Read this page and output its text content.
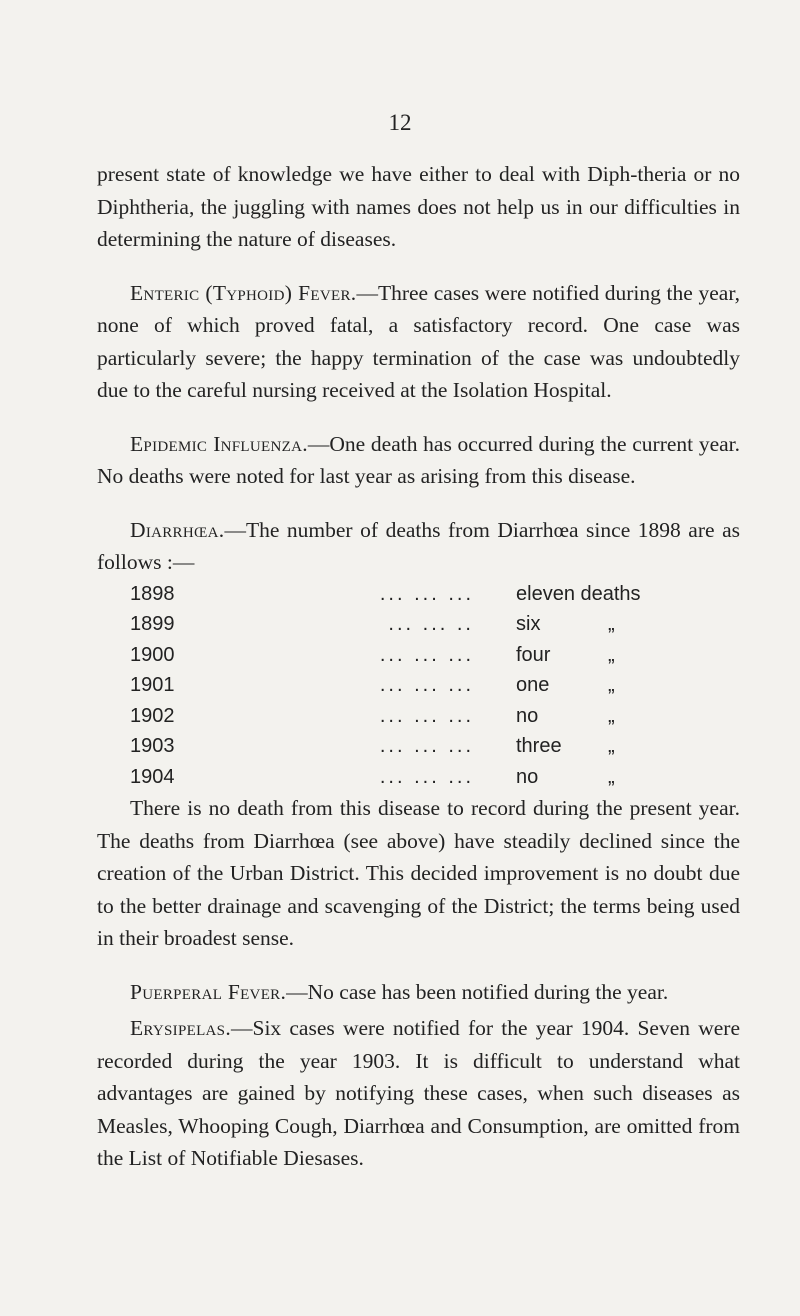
12

present state of knowledge we have either to deal with Diph-theria or no Diphtheria, the juggling with names does not help us in our difficulties in determining the nature of diseases.

Enteric (Typhoid) Fever.—Three cases were notified during the year, none of which proved fatal, a satisfactory record. One case was particularly severe; the happy termination of the case was undoubtedly due to the careful nursing received at the Isolation Hospital.

Epidemic Influenza.—One death has occurred during the current year. No deaths were noted for last year as arising from this disease.

Diarrhœa.—The number of deaths from Diarrhœa since 1898 are as follows :—

1898	... ... ...	eleven deaths
1899	... ... ..	six	„
1900	... ... ...	four	„
1901	... ... ...	one	„
1902	... ... ...	no	„
1903	... ... ...	three	„
1904	... ... ...	no	„

There is no death from this disease to record during the present year. The deaths from Diarrhœa (see above) have steadily declined since the creation of the Urban District. This decided improvement is no doubt due to the better drainage and scavenging of the District; the terms being used in their broadest sense.

Puerperal Fever.—No case has been notified during the year.

Erysipelas.—Six cases were notified for the year 1904. Seven were recorded during the year 1903. It is difficult to understand what advantages are gained by notifying these cases, when such diseases as Measles, Whooping Cough, Diarrhœa and Consumption, are omitted from the List of Notifiable Diesases.
